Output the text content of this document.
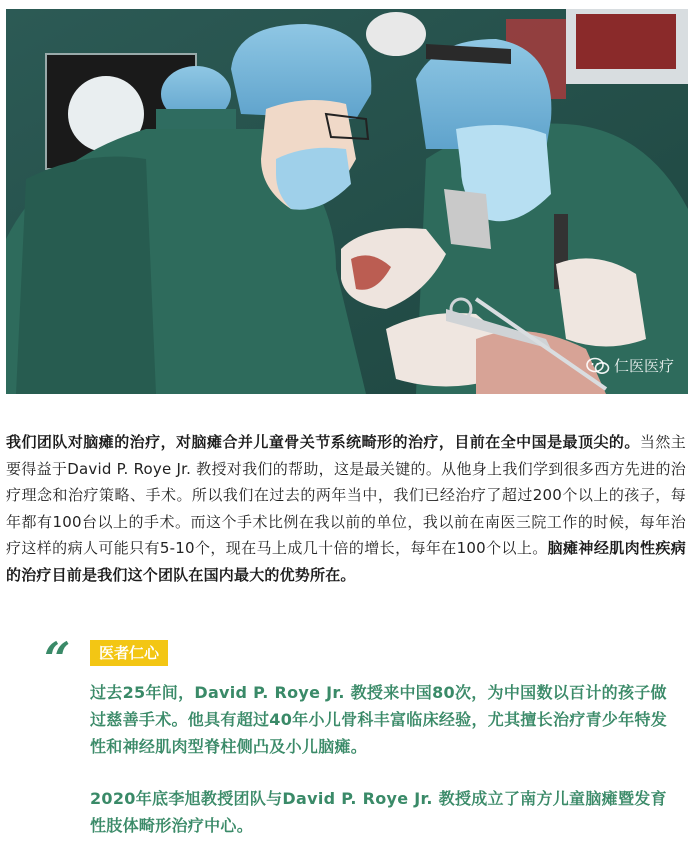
仁医医疗

我们团队对脑瘫的治疗，对脑瘫合并儿童骨关节系统畸形的治疗，目前在全中国是最顶尖的。当然主要得益于David P. Roye Jr. 教授对我们的帮助，这是最关键的。从他身上我们学到很多西方先进的治疗理念和治疗策略、手术。所以我们在过去的两年当中，我们已经治疗了超过200个以上的孩子，每年都有100台以上的手术。而这个手术比例在我以前的单位，我以前在南医三院工作的时候，每年治疗这样的病人可能只有5-10个，现在马上成几十倍的增长，每年在100个以上。脑瘫神经肌肉性疾病的治疗目前是我们这个团队在国内最大的优势所在。

“	医者仁心

过去25年间，David P. Roye Jr. 教授来中国80次，为中国数以百计的孩子做过慈善手术。他具有超过40年小儿骨科丰富临床经验，尤其擅长治疗青少年特发性和神经肌肉型脊柱侧凸及小儿脑瘫。

2020年底李旭教授团队与David P. Roye Jr. 教授成立了南方儿童脑瘫暨发育性肢体畸形治疗中心。
